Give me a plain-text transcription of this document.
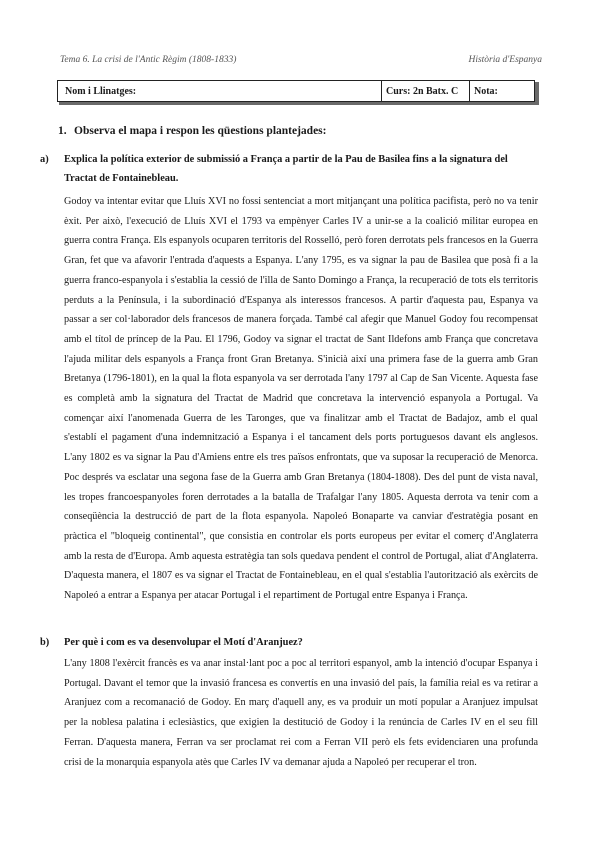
Tema 6. La crisi de l'Antic Règim (1808-1833)	Història d'Espanya
Nom i Llinatges:	Curs: 2n Batx. C	Nota:
1. Observa el mapa i respon les qüestions plantejades:
a) Explica la política exterior de submissió a França a partir de la Pau de Basilea fins a la signatura del Tractat de Fontainebleau.
Godoy va intentar evitar que Lluís XVI no fossi sentenciat a mort mitjançant una política pacifista, però no va tenir èxit. Per això, l'execució de Lluís XVI el 1793 va empènyer Carles IV a unir-se a la coalició militar europea en guerra contra França. Els espanyols ocuparen territoris del Rosselló, però foren derrotats pels francesos en la Guerra Gran, fet que va afavorir l'entrada d'aquests a Espanya. L'any 1795, es va signar la pau de Basilea que posà fi a la guerra franco-espanyola i s'establia la cessió de l'illa de Santo Domingo a França, la recuperació de tots els territoris perduts a la Península, i la subordinació d'Espanya als interessos francesos. A partir d'aquesta pau, Espanya va passar a ser col·laborador dels francesos de manera forçada. També cal afegir que Manuel Godoy fou recompensat amb el títol de príncep de la Pau. El 1796, Godoy va signar el tractat de Sant Ildefons amb França que concretava l'ajuda militar dels espanyols a França front Gran Bretanya. S'inicià així una primera fase de la guerra amb Gran Bretanya (1796-1801), en la qual la flota espanyola va ser derrotada l'any 1797 al Cap de San Vicente. Aquesta fase es completà amb la signatura del Tractat de Madrid que concretava la intervenció espanyola a Portugal. Va començar així l'anomenada Guerra de les Taronges, que va finalitzar amb el Tractat de Badajoz, amb el qual s'establí el pagament d'una indemnització a Espanya i el tancament dels ports portuguesos davant els anglesos. L'any 1802 es va signar la Pau d'Amiens entre els tres països enfrontats, que va suposar la recuperació de Menorca. Poc després va esclatar una segona fase de la Guerra amb Gran Bretanya (1804-1808). Des del punt de vista naval, les tropes francoespanyoles foren derrotades a la batalla de Trafalgar l'any 1805. Aquesta derrota va tenir com a conseqüència la destrucció de part de la flota espanyola. Napoleó Bonaparte va canviar d'estratègia posant en pràctica el "bloqueig continental", que consistia en controlar els ports europeus per evitar el comerç d'Anglaterra amb la resta de d'Europa. Amb aquesta estratègia tan sols quedava pendent el control de Portugal, aliat d'Anglaterra. D'aquesta manera, el 1807 es va signar el Tractat de Fontainebleau, en el qual s'establia l'autorització als exèrcits de Napoleó a entrar a Espanya per atacar Portugal i el repartiment de Portugal entre Espanya i França.
b) Per què i com es va desenvolupar el Motí d'Aranjuez?
L'any 1808 l'exèrcit francès es va anar instal·lant poc a poc al territori espanyol, amb la intenció d'ocupar Espanya i Portugal. Davant el temor que la invasió francesa es convertís en una invasió del país, la família reial es va retirar a Aranjuez com a recomanació de Godoy. En març d'aquell any, es va produir un motí popular a Aranjuez impulsat per la noblesa palatina i eclesiàstics, que exigien la destitució de Godoy i la renúncia de Carles IV en el seu fill Ferran. D'aquesta manera, Ferran va ser proclamat rei com a Ferran VII però els fets evidenciaren una profunda crisi de la monarquia espanyola atès que Carles IV va demanar ajuda a Napoleó per recuperar el tron.
